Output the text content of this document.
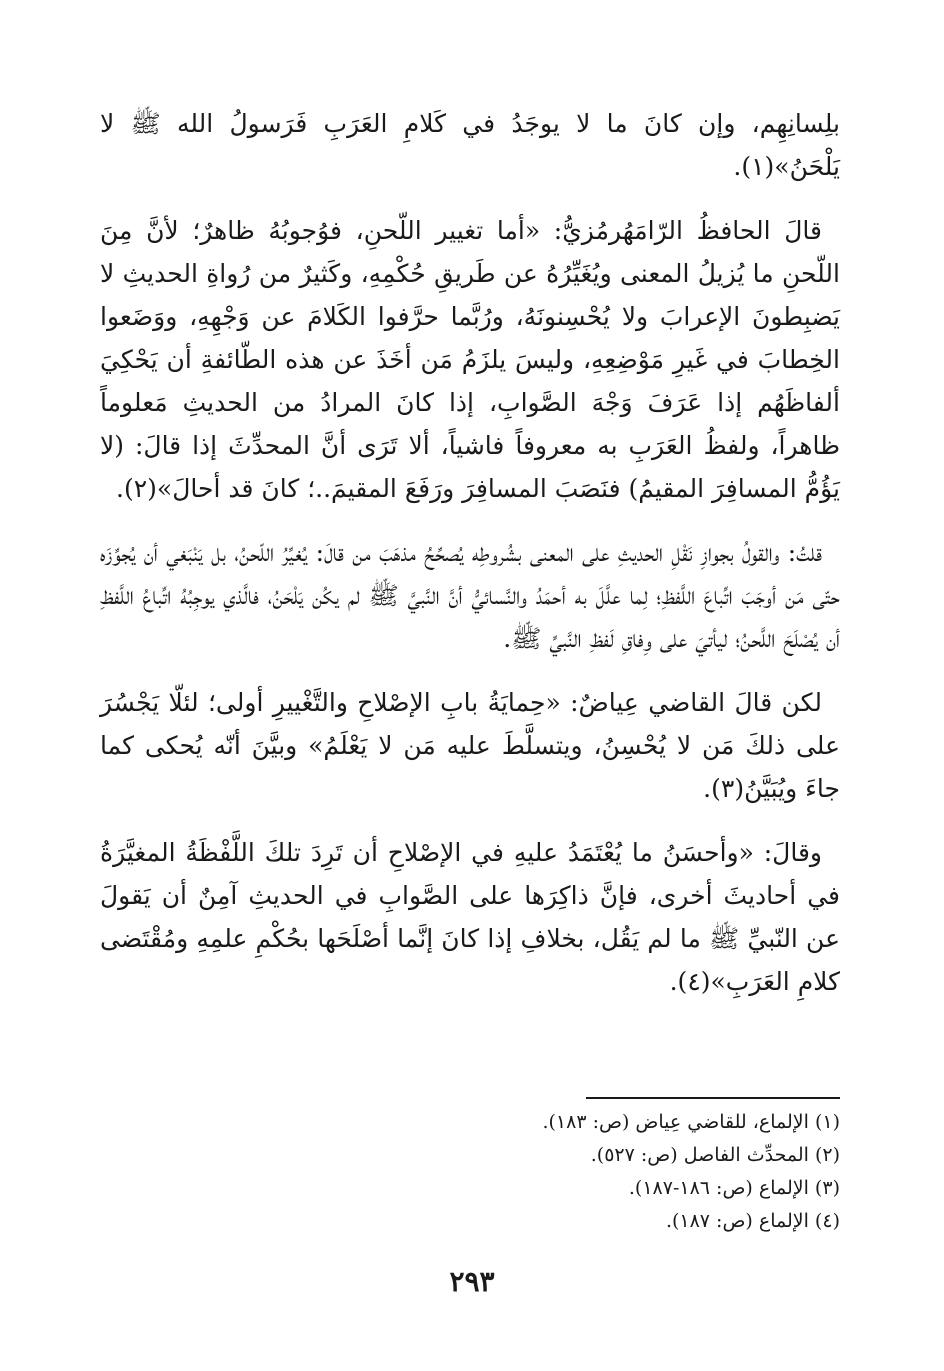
بلِسانِهِم، وإن كانَ ما لا يوجَدُ في كَلامِ العَرَبِ فَرَسولُ الله ﷺ لا يَلْحَنُ»(١).

قالَ الحافظُ الرّامَهُرمُزيُّ: «أما تغيير اللّحنِ، فوُجوبُهُ ظاهرٌ؛ لأنَّ مِنَ اللّحنِ ما يُزيلُ المعنى ويُغَيِّرُهُ عن طَريقِ حُكْمِهِ، وكَثيرٌ من رُواةِ الحديثِ لا يَضبِطونَ الإعرابَ ولا يُحْسِنونَهُ، ورُبَّما حرَّفوا الكَلامَ عن وَجْهِهِ، ووَضَعوا الخِطابَ في غَيرِ مَوْضِعِهِ، وليسَ يلزَمُ مَن أخَذَ عن هذه الطّائفةِ أن يَحْكِيَ ألفاظَهُم إذا عَرَفَ وَجْهَ الصَّوابِ، إذا كانَ المرادُ من الحديثِ مَعلوماً ظاهراً، ولفظُ العَرَبِ به معروفاً فاشياً، ألا تَرَى أنَّ المحدِّثَ إذا قالَ: (لا يَؤُمُّ المسافِرَ المقيمُ) فنَصَبَ المسافِرَ ورَفَعَ المقيمَ..؛ كانَ قد أحالَ»(٢).

قلتُ: والقولُ بجوازِ نَقْلِ الحديثِ على المعنى بشُروطِه يُصحِّحُ مذهَبَ من قالَ: يُغيِّرُ اللّحنُ، بل يَنْبَغي أن يُجوِّزَه حتّى مَن أوجَبَ اتِّباعَ اللَّفظِ؛ لِما علَّلَ به أحمَدُ والنَّسائيُّ أنَّ النَّبيَّ ﷺ لم يكُن يَلْحَنُ، فالَّذي يوجِبُهُ اتِّباعُ اللَّفظِ أن يُصْلَحَ اللَّحنُ؛ ليأتيَ على وِفاقِ لَفظِ النَّبيِّ ﷺ.

لكن قالَ القاضي عِياضٌ: «حِمايَةُ بابِ الإصْلاحِ والتَّغْييرِ أولى؛ لئلّا يَجْسُرَ على ذلكَ مَن لا يُحْسِنُ، ويتسلَّطَ عليه مَن لا يَعْلَمُ» وبيَّنَ أنّه يُحكى كما جاءَ ويُبَيَّنُ(٣).

وقالَ: «وأحسَنُ ما يُعْتَمَدُ عليهِ في الإصْلاحِ أن تَرِدَ تلكَ اللَّفْظَةُ المغيَّرَةُ في أحاديثَ أخرى، فإنَّ ذاكِرَها على الصَّوابِ في الحديثِ آمِنٌ أن يَقولَ عن النّبيِّ ﷺ ما لم يَقُل، بخلافِ إذا كانَ إنَّما أصْلَحَها بحُكْمِ علمِهِ ومُقْتَضى كلامِ العَرَبِ»(٤).

(١) الإلماع، للقاضي عِياض (ص: ١٨٣).
(٢) المحدِّث الفاصل (ص: ٥٢٧).
(٣) الإلماع (ص: ١٨٦-١٨٧).
(٤) الإلماع (ص: ١٨٧).
٢٩٣
